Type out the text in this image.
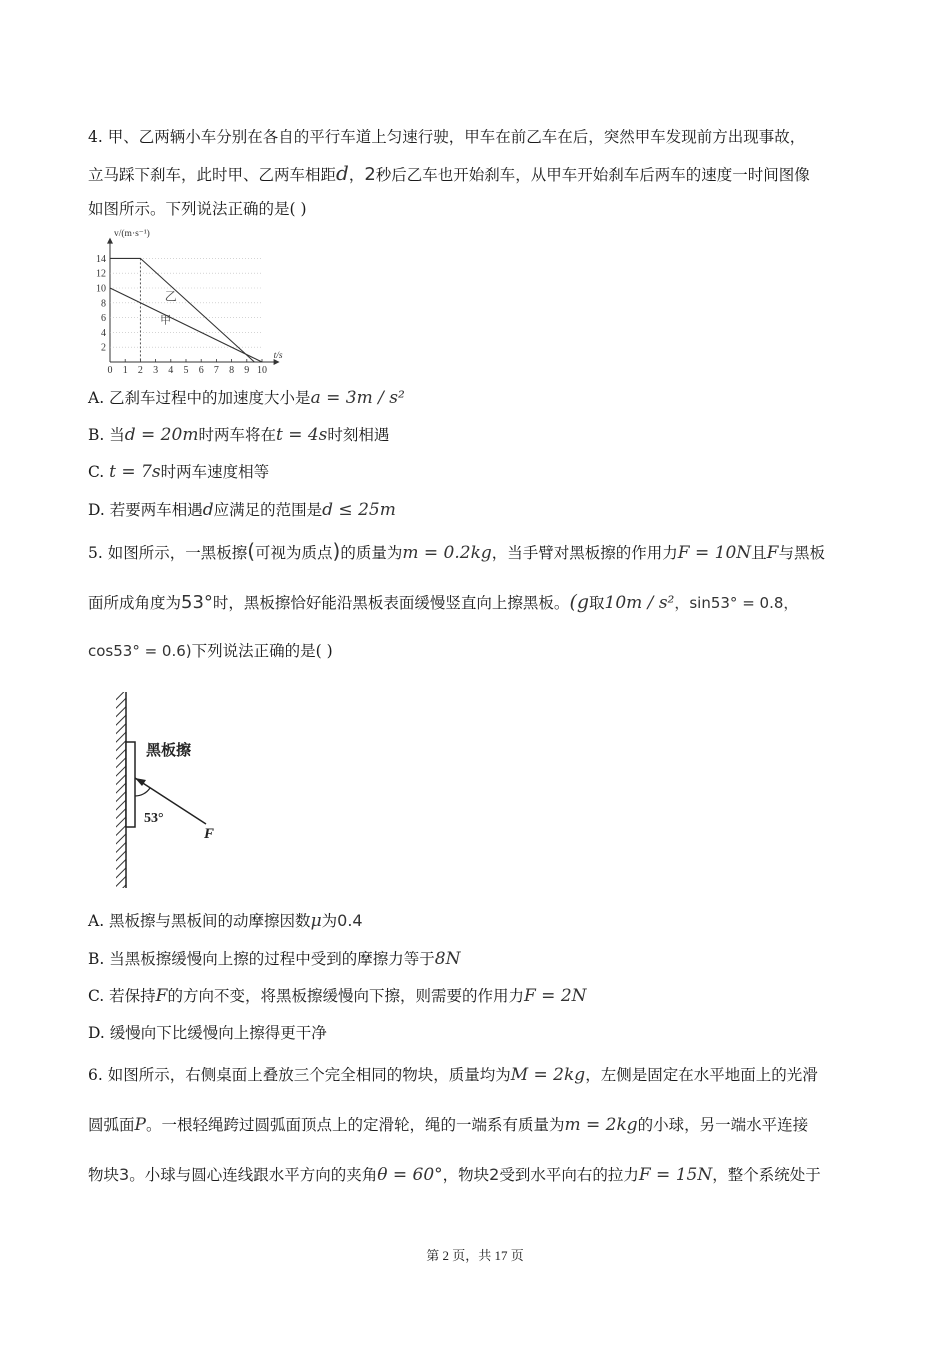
4. 甲、乙两辆小车分别在各自的平行车道上匀速行驶，甲车在前乙车在后，突然甲车发现前方出现事故，
立马踩下刹车，此时甲、乙两车相距d，2秒后乙车也开始刹车，从甲车开始刹车后两车的速度一时间图像
如图所示。下列说法正确的是( )
2
4
6
8
10
12
14
0 1 2 3 4 5 6 7 8 9 10
v/(m·s⁻¹)
t/s
乙
甲
A. 乙刹车过程中的加速度大小是a = 3m / s²
B. 当d = 20m时两车将在t = 4s时刻相遇
C. t = 7s时两车速度相等
D. 若要两车相遇d应满足的范围是d ≤ 25m
5. 如图所示，一黑板擦(可视为质点)的质量为m = 0.2kg，当手臂对黑板擦的作用力F = 10N且F与黑板
面所成角度为53°时，黑板擦恰好能沿黑板表面缓慢竖直向上擦黑板。(g取10m / s²，sin53° = 0.8，
cos53° = 0.6)下列说法正确的是( )
黑板擦
53°
F
A. 黑板擦与黑板间的动摩擦因数μ为0.4
B. 当黑板擦缓慢向上擦的过程中受到的摩擦力等于8N
C. 若保持F的方向不变，将黑板擦缓慢向下擦，则需要的作用力F = 2N
D. 缓慢向下比缓慢向上擦得更干净
6. 如图所示，右侧桌面上叠放三个完全相同的物块，质量均为M = 2kg，左侧是固定在水平地面上的光滑
圆弧面P。一根轻绳跨过圆弧面顶点上的定滑轮，绳的一端系有质量为m = 2kg的小球，另一端水平连接
物块3。小球与圆心连线跟水平方向的夹角θ = 60°，物块2受到水平向右的拉力F = 15N，整个系统处于
第 2 页，共 17 页
